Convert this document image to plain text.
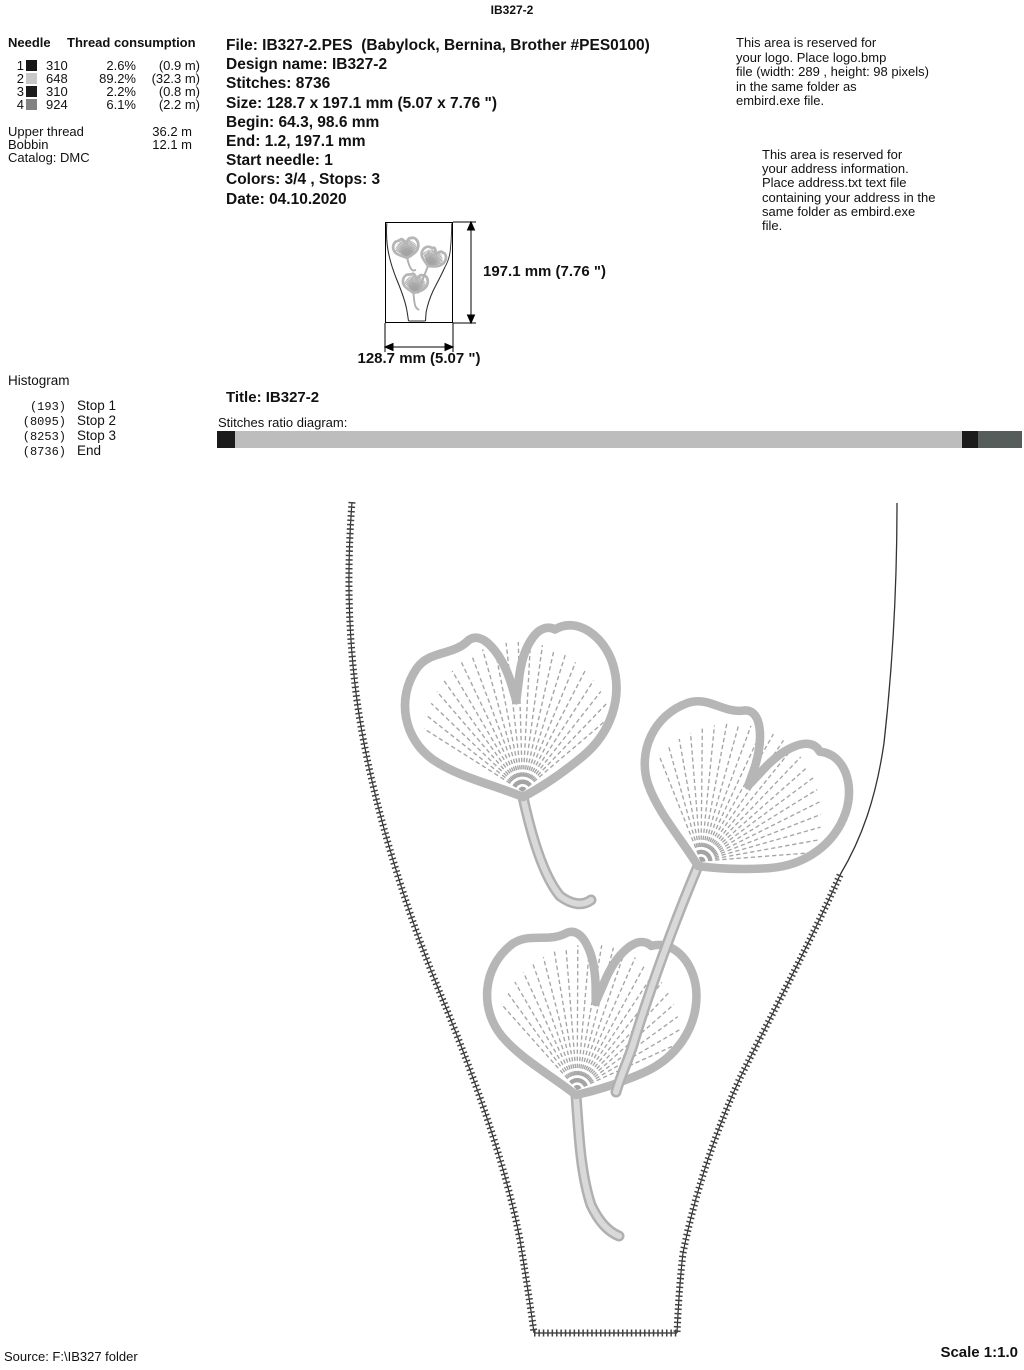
IB327-2
Needle	Thread consumption
1 310	2.6%	(0.9 m)
2 648	89.2%	(32.3 m)
3 310	2.2%	(0.8 m)
4 924	6.1%	(2.2 m)
Upper thread	36.2 m
Bobbin	12.1 m
Catalog: DMC
File: IB327-2.PES  (Babylock, Bernina, Brother #PES0100)
Design name: IB327-2
Stitches: 8736
Size: 128.7 x 197.1 mm (5.07 x 7.76 ")
Begin: 64.3, 98.6 mm
End: 1.2, 197.1 mm
Start needle: 1
Colors: 3/4 , Stops: 3
Date: 04.10.2020
This area is reserved for
your logo. Place logo.bmp
file (width: 289 , height: 98 pixels)
in the same folder as
embird.exe file.
This area is reserved for
your address information.
Place address.txt text file
containing your address in the
same folder as embird.exe
file.
197.1 mm (7.76 ")
128.7 mm (5.07 ")
Histogram
(193) Stop 1
(8095) Stop 2
(8253) Stop 3
(8736) End
Title: IB327-2
Stitches ratio diagram:
Source: F:\IB327 folder	Scale 1:1.0
